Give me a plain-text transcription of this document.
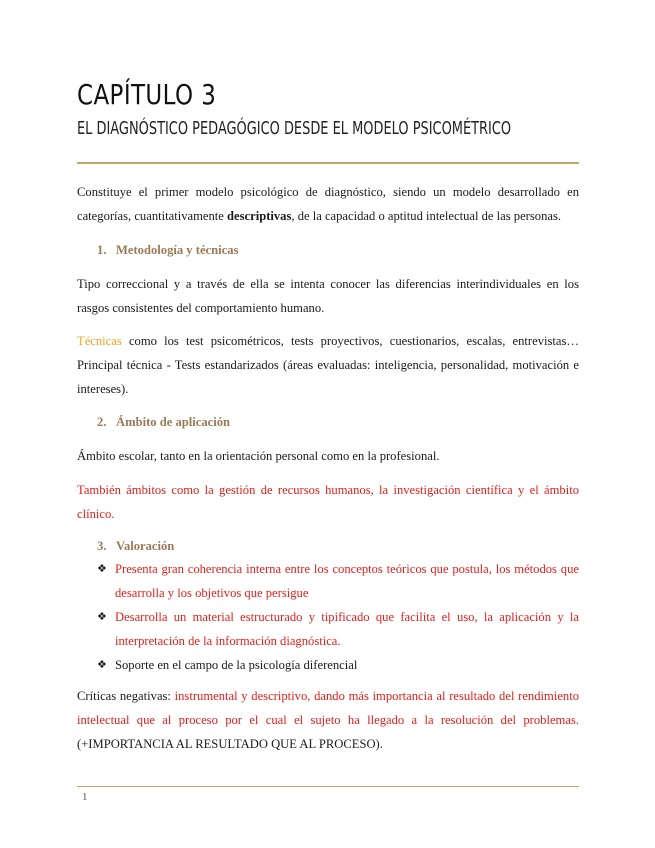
CAPÍTULO 3
EL DIAGNÓSTICO PEDAGÓGICO DESDE EL MODELO PSICOMÉTRICO

Constituye el primer modelo psicológico de diagnóstico, siendo un modelo desarrollado en categorías, cuantitativamente descriptivas, de la capacidad o aptitud intelectual de las personas.

1. Metodología y técnicas

Tipo correccional y a través de ella se intenta conocer las diferencias interindividuales en los rasgos consistentes del comportamiento humano.

Técnicas como los test psicométricos, tests proyectivos, cuestionarios, escalas, entrevistas… Principal técnica - Tests estandarizados (áreas evaluadas: inteligencia, personalidad, motivación e intereses).

2. Ámbito de aplicación

Ámbito escolar, tanto en la orientación personal como en la profesional.

También ámbitos como la gestión de recursos humanos, la investigación científica y el ámbito clínico.

3. Valoración
❖ Presenta gran coherencia interna entre los conceptos teóricos que postula, los métodos que desarrolla y los objetivos que persigue
❖ Desarrolla un material estructurado y tipificado que facilita el uso, la aplicación y la interpretación de la información diagnóstica.
❖ Soporte en el campo de la psicología diferencial

Críticas negativas: instrumental y descriptivo, dando más importancia al resultado del rendimiento intelectual que al proceso por el cual el sujeto ha llegado a la resolución del problemas. (+IMPORTANCIA AL RESULTADO QUE AL PROCESO).

1
